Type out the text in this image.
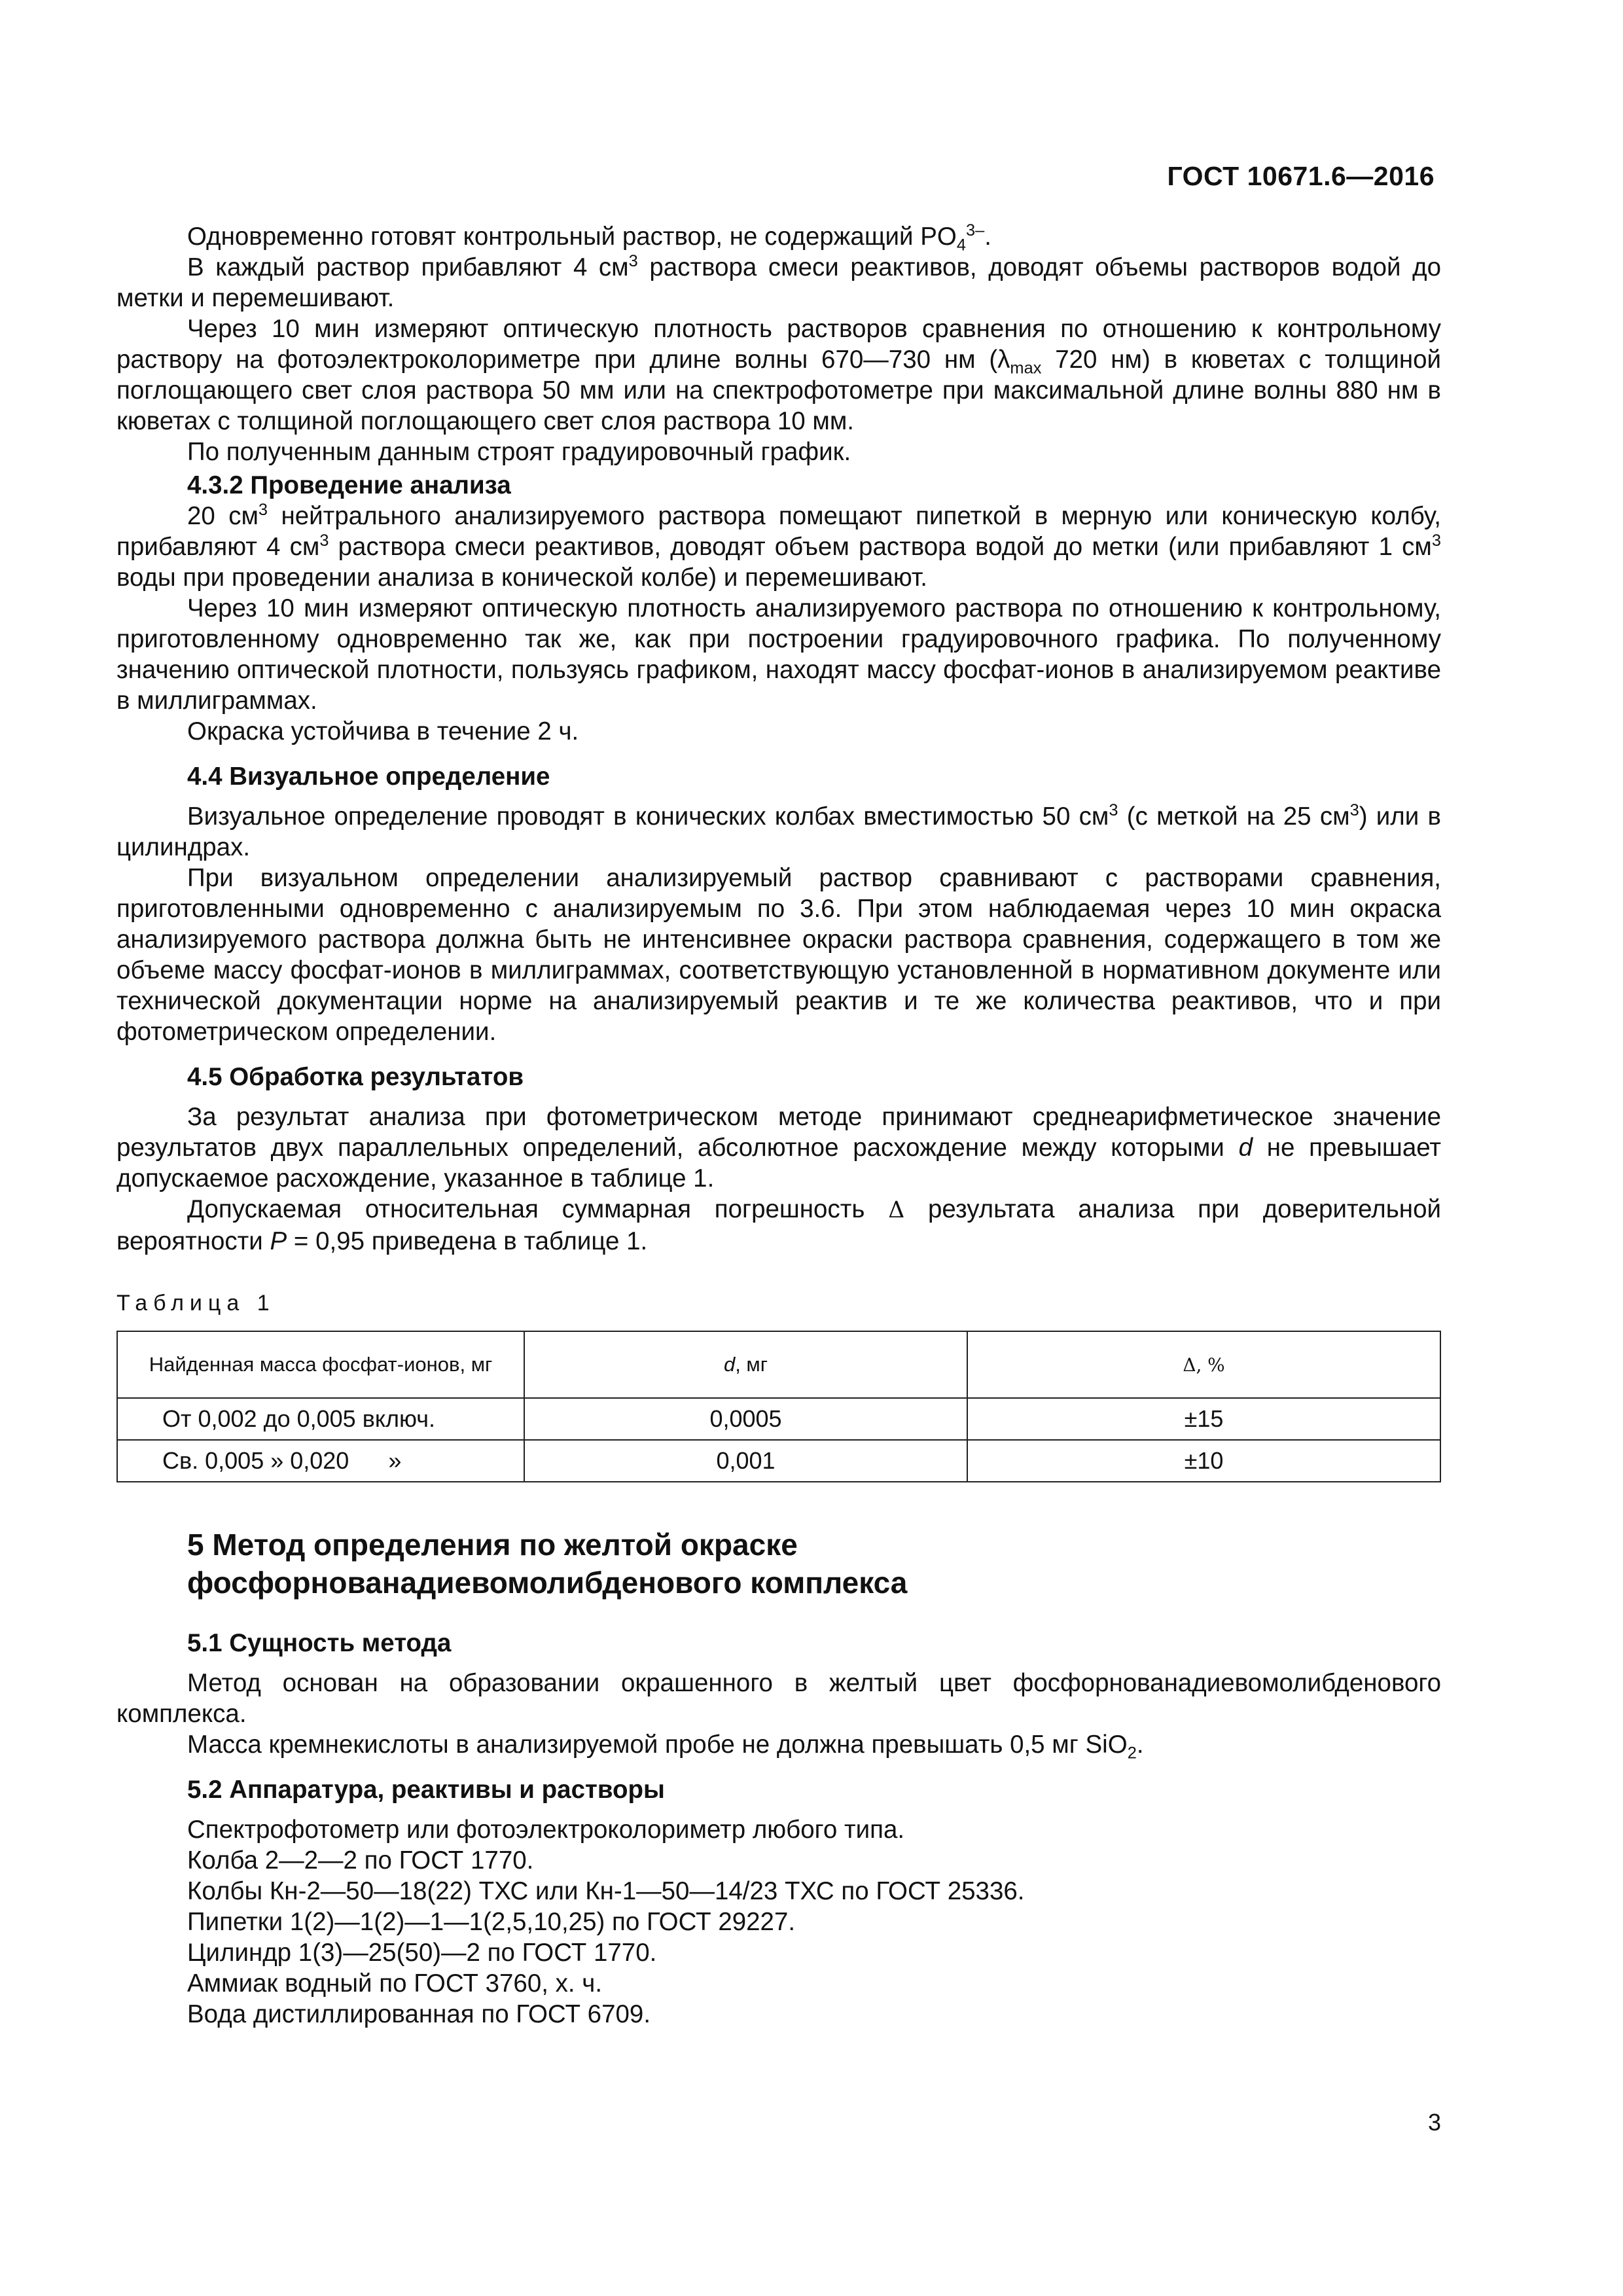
ГОСТ 10671.6—2016

Одновременно готовят контрольный раствор, не содержащий $PO_4^{3-}$.

В каждый раствор прибавляют 4 $см^3$ раствора смеси реактивов, доводят объемы растворов водой до метки и перемешивают.

Через 10 мин измеряют оптическую плотность растворов сравнения по отношению к контрольному раствору на фотоэлектроколориметре при длине волны 670—730 нм ($\lambda_{max}$ 720 нм) в кюветах с толщиной поглощающего свет слоя раствора 50 мм или на спектрофотометре при максимальной длине волны 880 нм в кюветах с толщиной поглощающего свет слоя раствора 10 мм.

По полученным данным строят градуировочный график.

4.3.2 Проведение анализа

20 $см^3$ нейтрального анализируемого раствора помещают пипеткой в мерную или коническую колбу, прибавляют 4 $см^3$ раствора смеси реактивов, доводят объем раствора водой до метки (или прибавляют 1 $см^3$ воды при проведении анализа в конической колбе) и перемешивают.

Через 10 мин измеряют оптическую плотность анализируемого раствора по отношению к контрольному, приготовленному одновременно так же, как при построении градуировочного графика. По полученному значению оптической плотности, пользуясь графиком, находят массу фосфат-ионов в анализируемом реактиве в миллиграммах.

Окраска устойчива в течение 2 ч.

4.4 Визуальное определение

Визуальное определение проводят в конических колбах вместимостью 50 $см^3$ (с меткой на 25 $см^3$) или в цилиндрах.

При визуальном определении анализируемый раствор сравнивают с растворами сравнения, приготовленными одновременно с анализируемым по 3.6. При этом наблюдаемая через 10 мин окраска анализируемого раствора должна быть не интенсивнее окраски раствора сравнения, содержащего в том же объеме массу фосфат-ионов в миллиграммах, соответствующую установленной в нормативном документе или технической документации норме на анализируемый реактив и те же количества реактивов, что и при фотометрическом определении.

4.5 Обработка результатов

За результат анализа при фотометрическом методе принимают среднеарифметическое значение результатов двух параллельных определений, абсолютное расхождение между которыми d не превышает допускаемое расхождение, указанное в таблице 1.

Допускаемая относительная суммарная погрешность Δ результата анализа при доверительной вероятности P = 0,95 приведена в таблице 1.

Таблица 1
Найденная масса фосфат-ионов, мг	d, мг	Δ, %
От 0,002 до 0,005 включ.	0,0005	±15
Св. 0,005 » 0,020 »	0,001	±10
5 Метод определения по желтой окраске
фосфорнованадиевомолибденового комплекса

5.1 Сущность метода

Метод основан на образовании окрашенного в желтый цвет фосфорнованадиевомолибденового комплекса.

Масса кремнекислоты в анализируемой пробе не должна превышать 0,5 мг SiO$_2$.

5.2 Аппаратура, реактивы и растворы

Спектрофотометр или фотоэлектроколориметр любого типа.

Колба 2—2—2 по ГОСТ 1770.

Колбы Кн-2—50—18(22) ТХС или Кн-1—50—14/23 ТХС по ГОСТ 25336.

Пипетки 1(2)—1(2)—1—1(2,5,10,25) по ГОСТ 29227.

Цилиндр 1(3)—25(50)—2 по ГОСТ 1770.

Аммиак водный по ГОСТ 3760, х. ч.

Вода дистиллированная по ГОСТ 6709.

3
